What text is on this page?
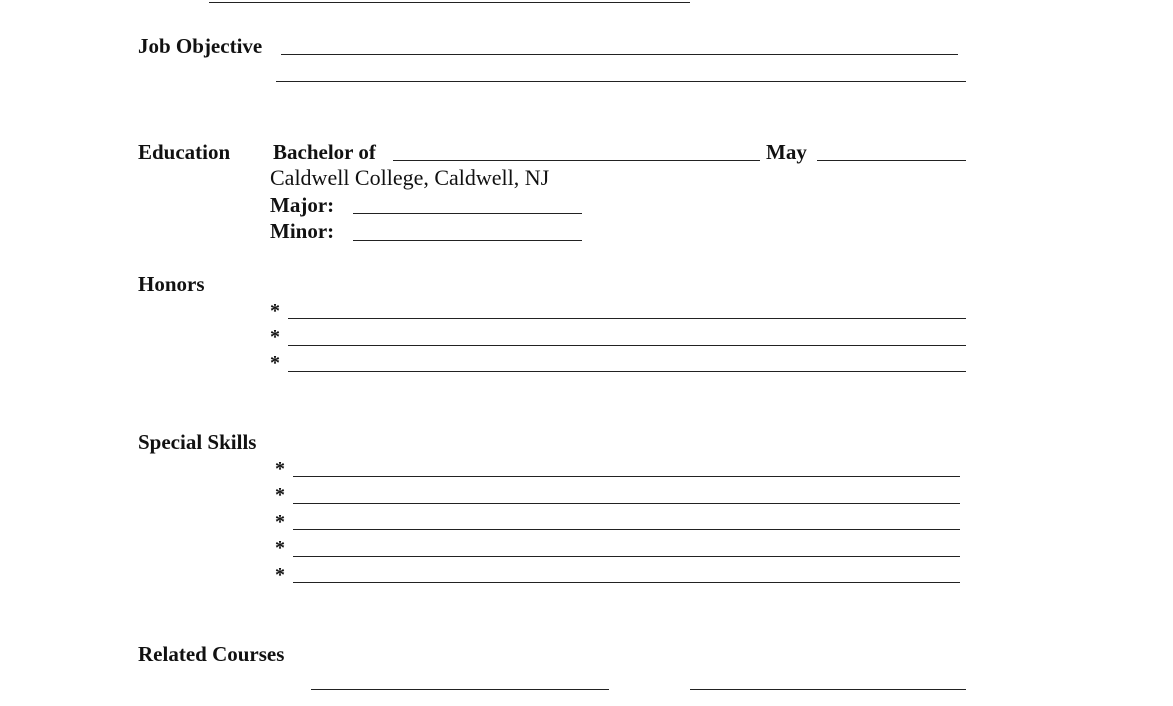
Job Objective
Education Bachelor of	May
Caldwell College, Caldwell, NJ
Major:
Minor:
Honors
*
*
*
Special Skills
*
*
*
*
*
Related Courses
